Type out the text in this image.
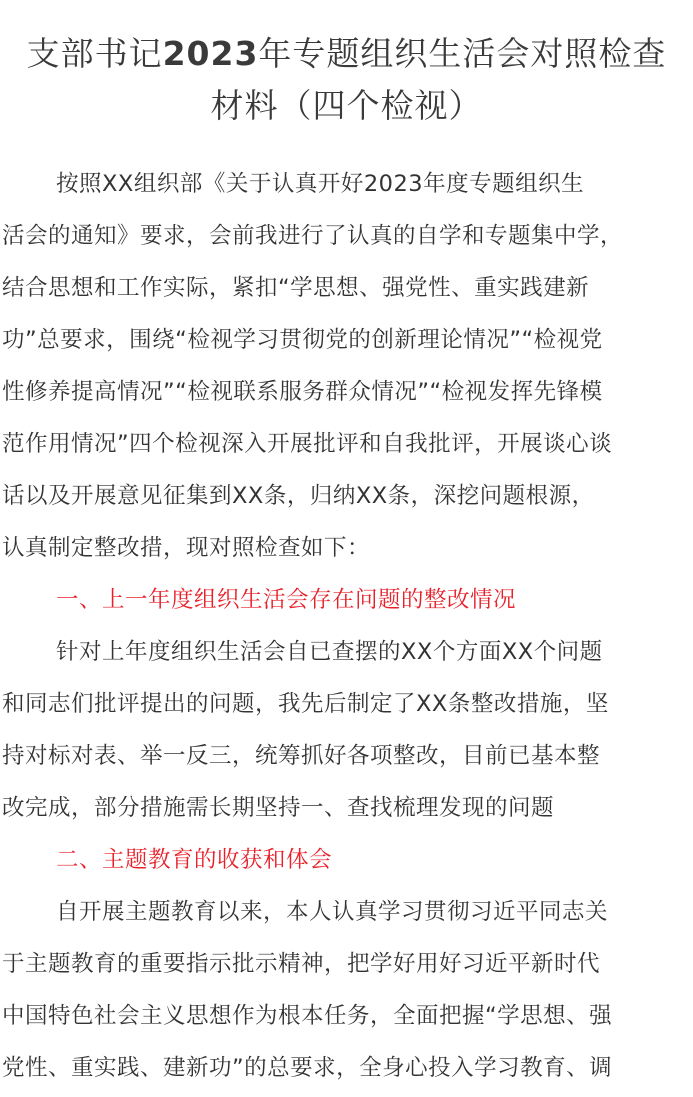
支部书记2023年专题组织生活会对照检查
材料（四个检视）
按照XX组织部《关于认真开好2023年度专题组织生
活会的通知》要求，会前我进行了认真的自学和专题集中学，
结合思想和工作实际，紧扣“学思想、强党性、重实践建新
功”总要求，围绕“检视学习贯彻党的创新理论情况”“检视党
性修养提高情况”“检视联系服务群众情况”“检视发挥先锋模
范作用情况”四个检视深入开展批评和自我批评，开展谈心谈
话以及开展意见征集到XX条，归纳XX条，深挖问题根源，
认真制定整改措，现对照检查如下：
一、上一年度组织生活会存在问题的整改情况
针对上年度组织生活会自已查摆的XX个方面XX个问题
和同志们批评提出的问题，我先后制定了XX条整改措施，坚
持对标对表、举一反三，统筹抓好各项整改，目前已基本整
改完成，部分措施需长期坚持一、查找梳理发现的问题
二、主题教育的收获和体会
自开展主题教育以来，本人认真学习贯彻习近平同志关
于主题教育的重要指示批示精神，把学好用好习近平新时代
中国特色社会主义思想作为根本任务，全面把握“学思想、强
党性、重实践、建新功”的总要求，全身心投入学习教育、调
